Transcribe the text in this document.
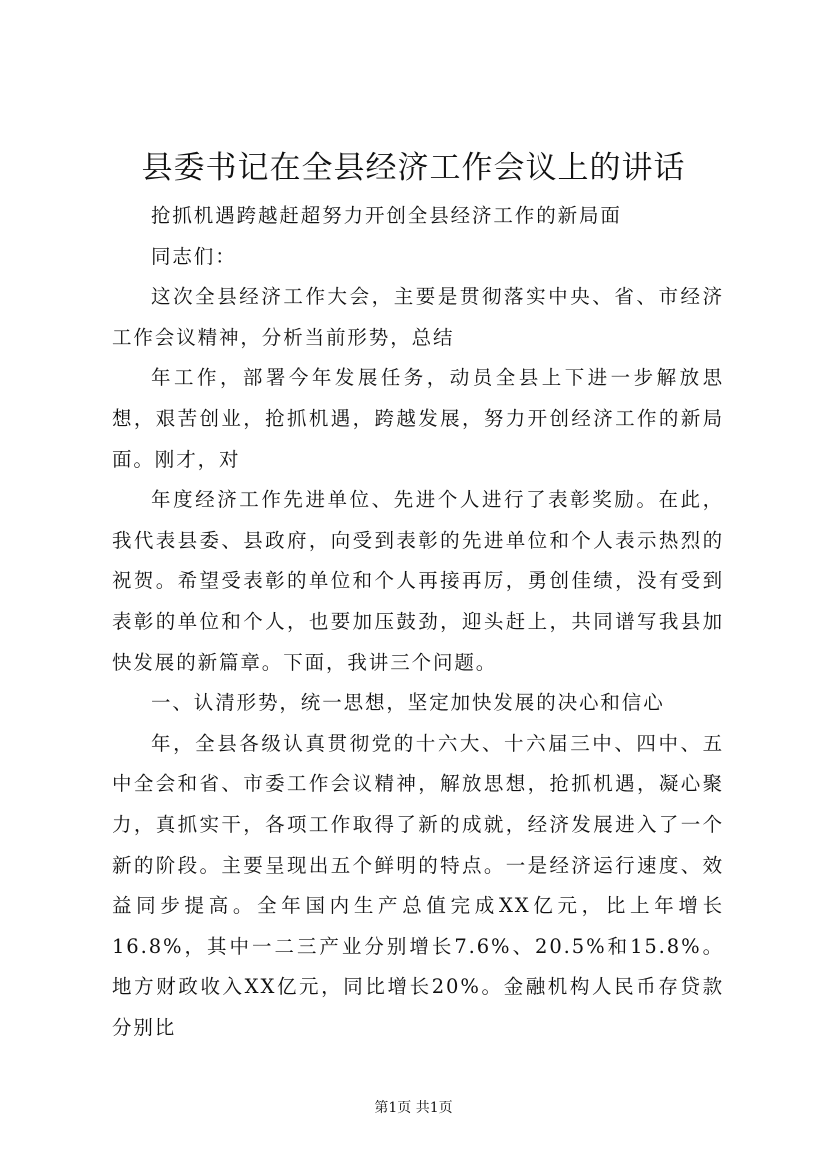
县委书记在全县经济工作会议上的讲话

抢抓机遇跨越赶超努力开创全县经济工作的新局面

同志们：

这次全县经济工作大会，主要是贯彻落实中央、省、市经济工作会议精神，分析当前形势，总结

年工作，部署今年发展任务，动员全县上下进一步解放思想，艰苦创业，抢抓机遇，跨越发展，努力开创经济工作的新局面。刚才，对

年度经济工作先进单位、先进个人进行了表彰奖励。在此，我代表县委、县政府，向受到表彰的先进单位和个人表示热烈的祝贺。希望受表彰的单位和个人再接再厉，勇创佳绩，没有受到表彰的单位和个人，也要加压鼓劲，迎头赶上，共同谱写我县加快发展的新篇章。下面，我讲三个问题。

一、认清形势，统一思想，坚定加快发展的决心和信心

年，全县各级认真贯彻党的十六大、十六届三中、四中、五中全会和省、市委工作会议精神，解放思想，抢抓机遇，凝心聚力，真抓实干，各项工作取得了新的成就，经济发展进入了一个新的阶段。主要呈现出五个鲜明的特点。一是经济运行速度、效益同步提高。全年国内生产总值完成XX亿元，比上年增长16.8%，其中一二三产业分别增长7.6%、20.5%和15.8%。地方财政收入XX亿元，同比增长20%。金融机构人民币存贷款分别比

第1页 共1页
